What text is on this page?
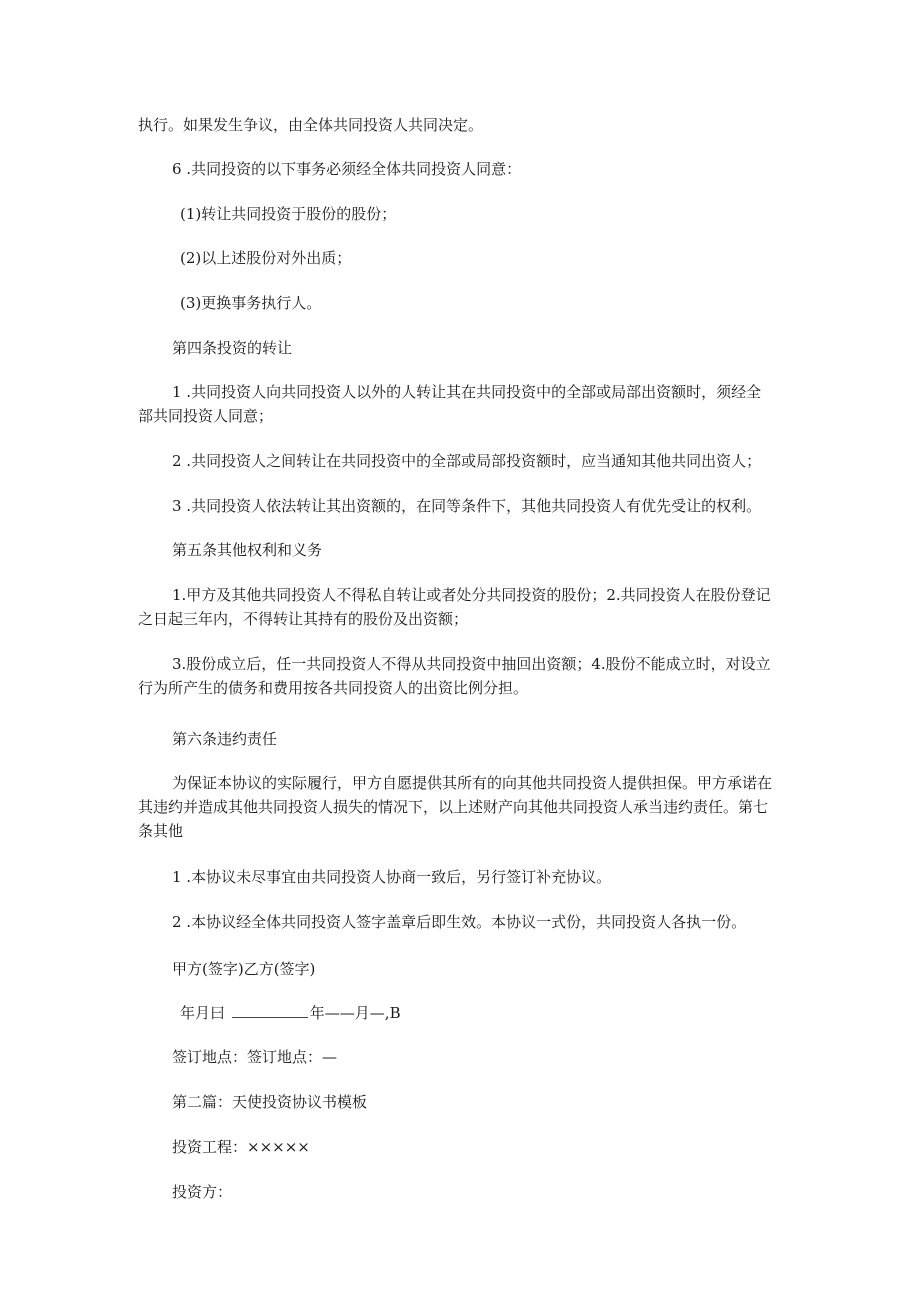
执行。如果发生争议，由全体共同投资人共同决定。

6 .共同投资的以下事务必须经全体共同投资人同意：

(1)转让共同投资于股份的股份；

(2)以上述股份对外出质；

(3)更换事务执行人。

第四条投资的转让

1 .共同投资人向共同投资人以外的人转让其在共同投资中的全部或局部出资额时，须经全

部共同投资人同意；

2 .共同投资人之间转让在共同投资中的全部或局部投资额时，应当通知其他共同出资人；

3 .共同投资人依法转让其出资额的，在同等条件下，其他共同投资人有优先受让的权利。

第五条其他权利和义务

1.甲方及其他共同投资人不得私自转让或者处分共同投资的股份；2.共同投资人在股份登记

之日起三年内，不得转让其持有的股份及出资额；

3.股份成立后，任一共同投资人不得从共同投资中抽回出资额；4.股份不能成立时，对设立

行为所产生的债务和费用按各共同投资人的出资比例分担。

第六条违约责任

为保证本协议的实际履行，甲方自愿提供其所有的向其他共同投资人提供担保。甲方承诺在

其违约并造成其他共同投资人损失的情况下，以上述财产向其他共同投资人承当违约责任。第七

条其他

1 .本协议未尽事宜由共同投资人协商一致后，另行签订补充协议。

2 .本协议经全体共同投资人签字盖章后即生效。本协议一式份，共同投资人各执一份。

甲方(签字)乙方(签字)

年月曰	年——月—,B

签订地点：签订地点：—

第二篇：天使投资协议书模板

投资工程：×××××

投资方：
